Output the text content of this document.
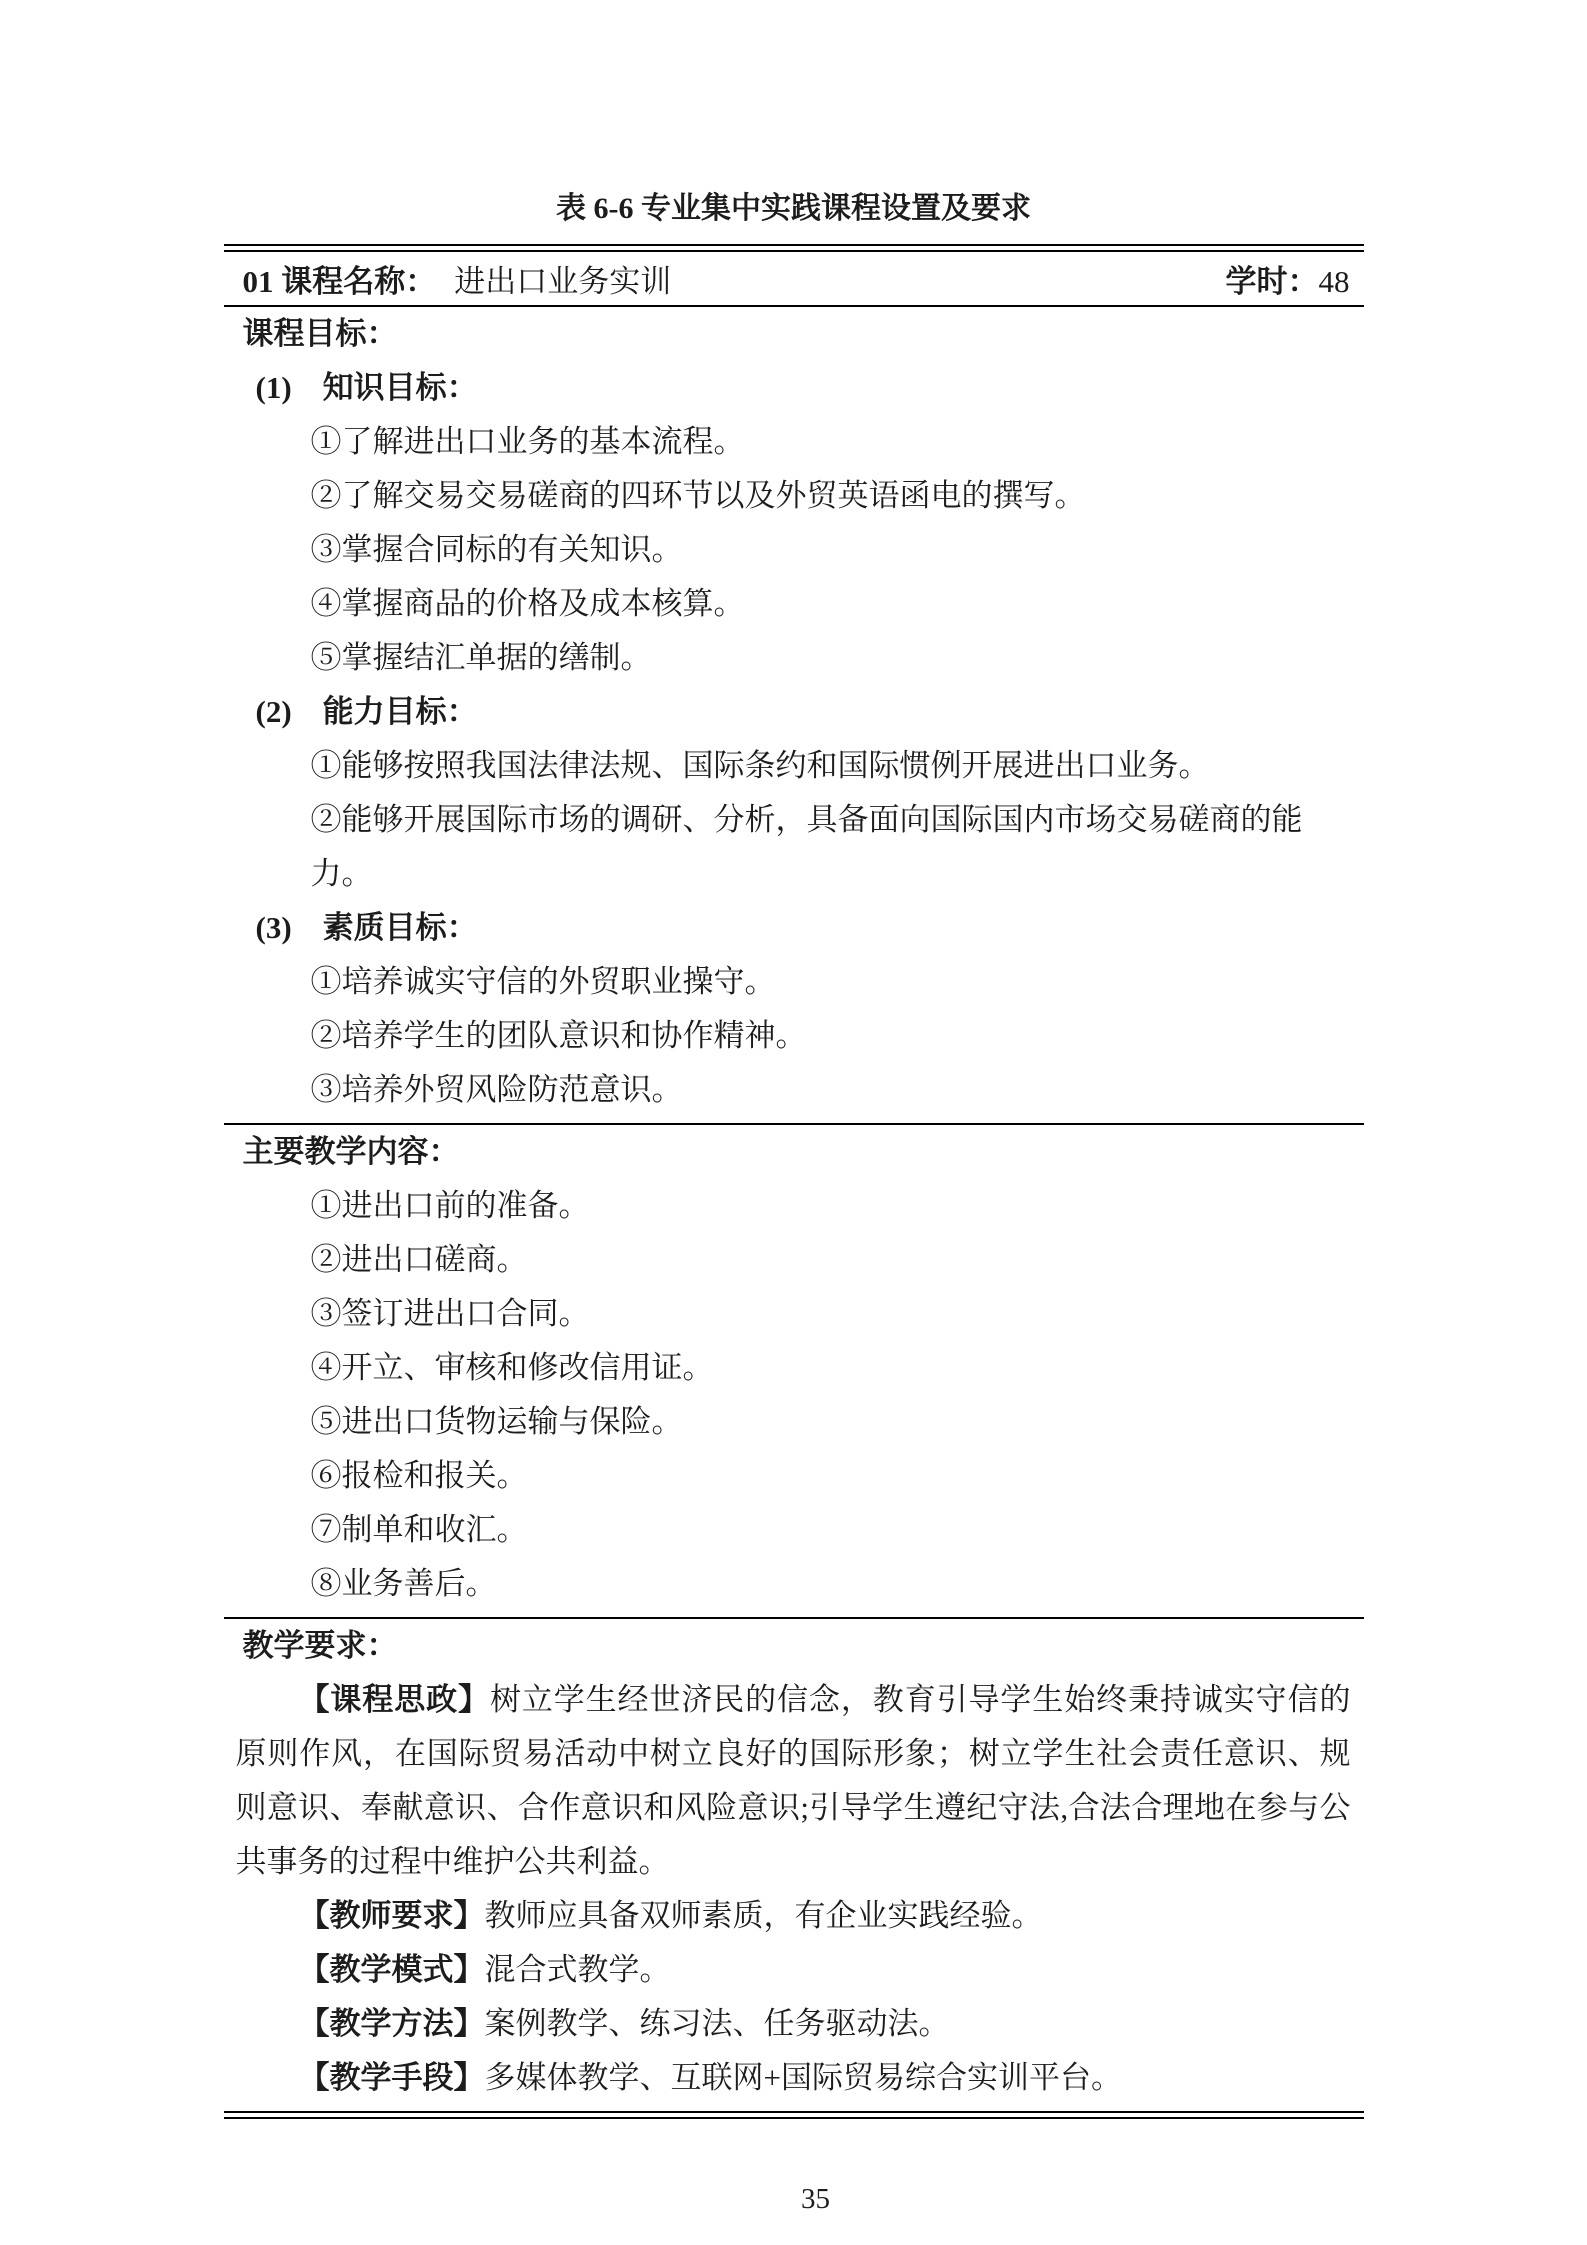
表 6-6 专业集中实践课程设置及要求
01 课程名称： 进出口业务实训	学时：48
课程目标：
(1)　知识目标：
①了解进出口业务的基本流程。
②了解交易交易磋商的四环节以及外贸英语函电的撰写。
③掌握合同标的有关知识。
④掌握商品的价格及成本核算。
⑤掌握结汇单据的缮制。
(2)　能力目标：
①能够按照我国法律法规、国际条约和国际惯例开展进出口业务。
②能够开展国际市场的调研、分析，具备面向国际国内市场交易磋商的能力。
(3)　素质目标：
①培养诚实守信的外贸职业操守。
②培养学生的团队意识和协作精神。
③培养外贸风险防范意识。
主要教学内容：
①进出口前的准备。
②进出口磋商。
③签订进出口合同。
④开立、审核和修改信用证。
⑤进出口货物运输与保险。
⑥报检和报关。
⑦制单和收汇。
⑧业务善后。
教学要求：
【课程思政】树立学生经世济民的信念，教育引导学生始终秉持诚实守信的原则作风，在国际贸易活动中树立良好的国际形象；树立学生社会责任意识、规则意识、奉献意识、合作意识和风险意识;引导学生遵纪守法,合法合理地在参与公共事务的过程中维护公共利益。
【教师要求】教师应具备双师素质，有企业实践经验。
【教学模式】混合式教学。
【教学方法】案例教学、练习法、任务驱动法。
【教学手段】多媒体教学、互联网+国际贸易综合实训平台。
35
